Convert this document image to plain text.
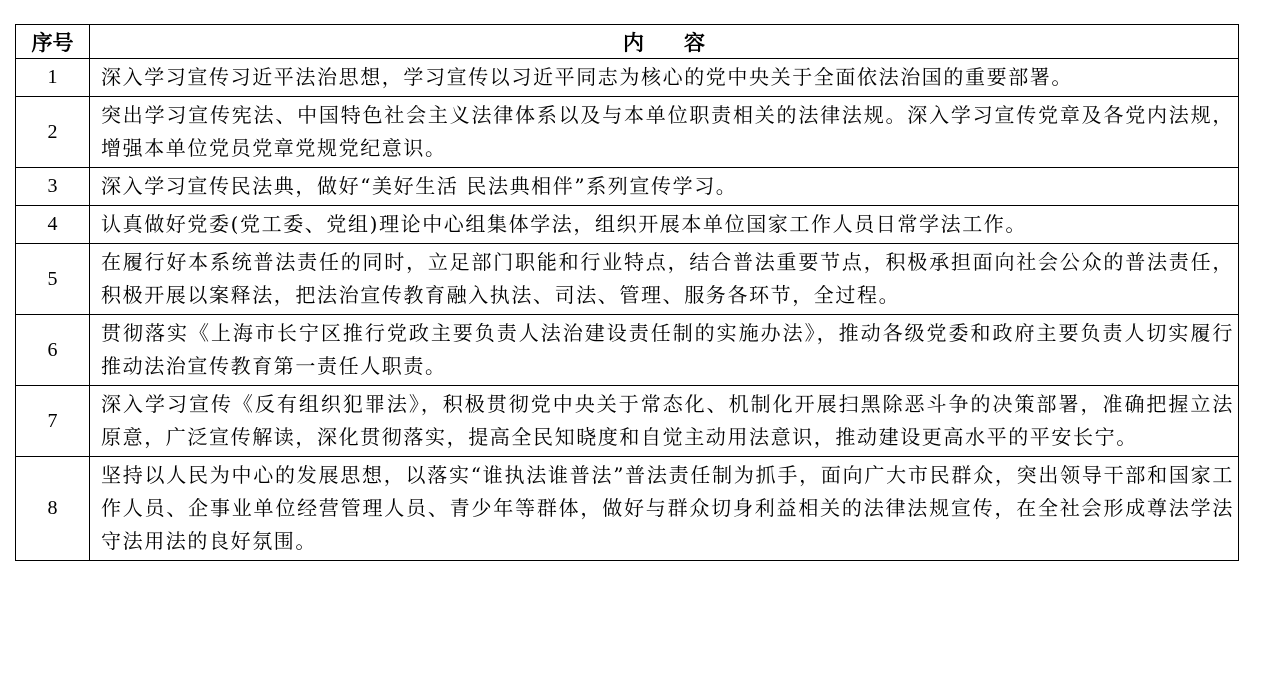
序号	内容
1	深入学习宣传习近平法治思想，学习宣传以习近平同志为核心的党中央关于全面依法治国的重要部署。
2	突出学习宣传宪法、中国特色社会主义法律体系以及与本单位职责相关的法律法规。深入学习宣传党章及各党内法规，增强本单位党员党章党规党纪意识。
3	深入学习宣传民法典，做好“美好生活 民法典相伴”系列宣传学习。
4	认真做好党委(党工委、党组)理论中心组集体学法，组织开展本单位国家工作人员日常学法工作。
5	在履行好本系统普法责任的同时，立足部门职能和行业特点，结合普法重要节点，积极承担面向社会公众的普法责任，积极开展以案释法，把法治宣传教育融入执法、司法、管理、服务各环节，全过程。
6	贯彻落实《上海市长宁区推行党政主要负责人法治建设责任制的实施办法》，推动各级党委和政府主要负责人切实履行推动法治宣传教育第一责任人职责。
7	深入学习宣传《反有组织犯罪法》，积极贯彻党中央关于常态化、机制化开展扫黑除恶斗争的决策部署，准确把握立法原意，广泛宣传解读，深化贯彻落实，提高全民知晓度和自觉主动用法意识，推动建设更高水平的平安长宁。
8	坚持以人民为中心的发展思想，以落实“谁执法谁普法”普法责任制为抓手，面向广大市民群众，突出领导干部和国家工作人员、企事业单位经营管理人员、青少年等群体，做好与群众切身利益相关的法律法规宣传，在全社会形成尊法学法守法用法的良好氛围。
